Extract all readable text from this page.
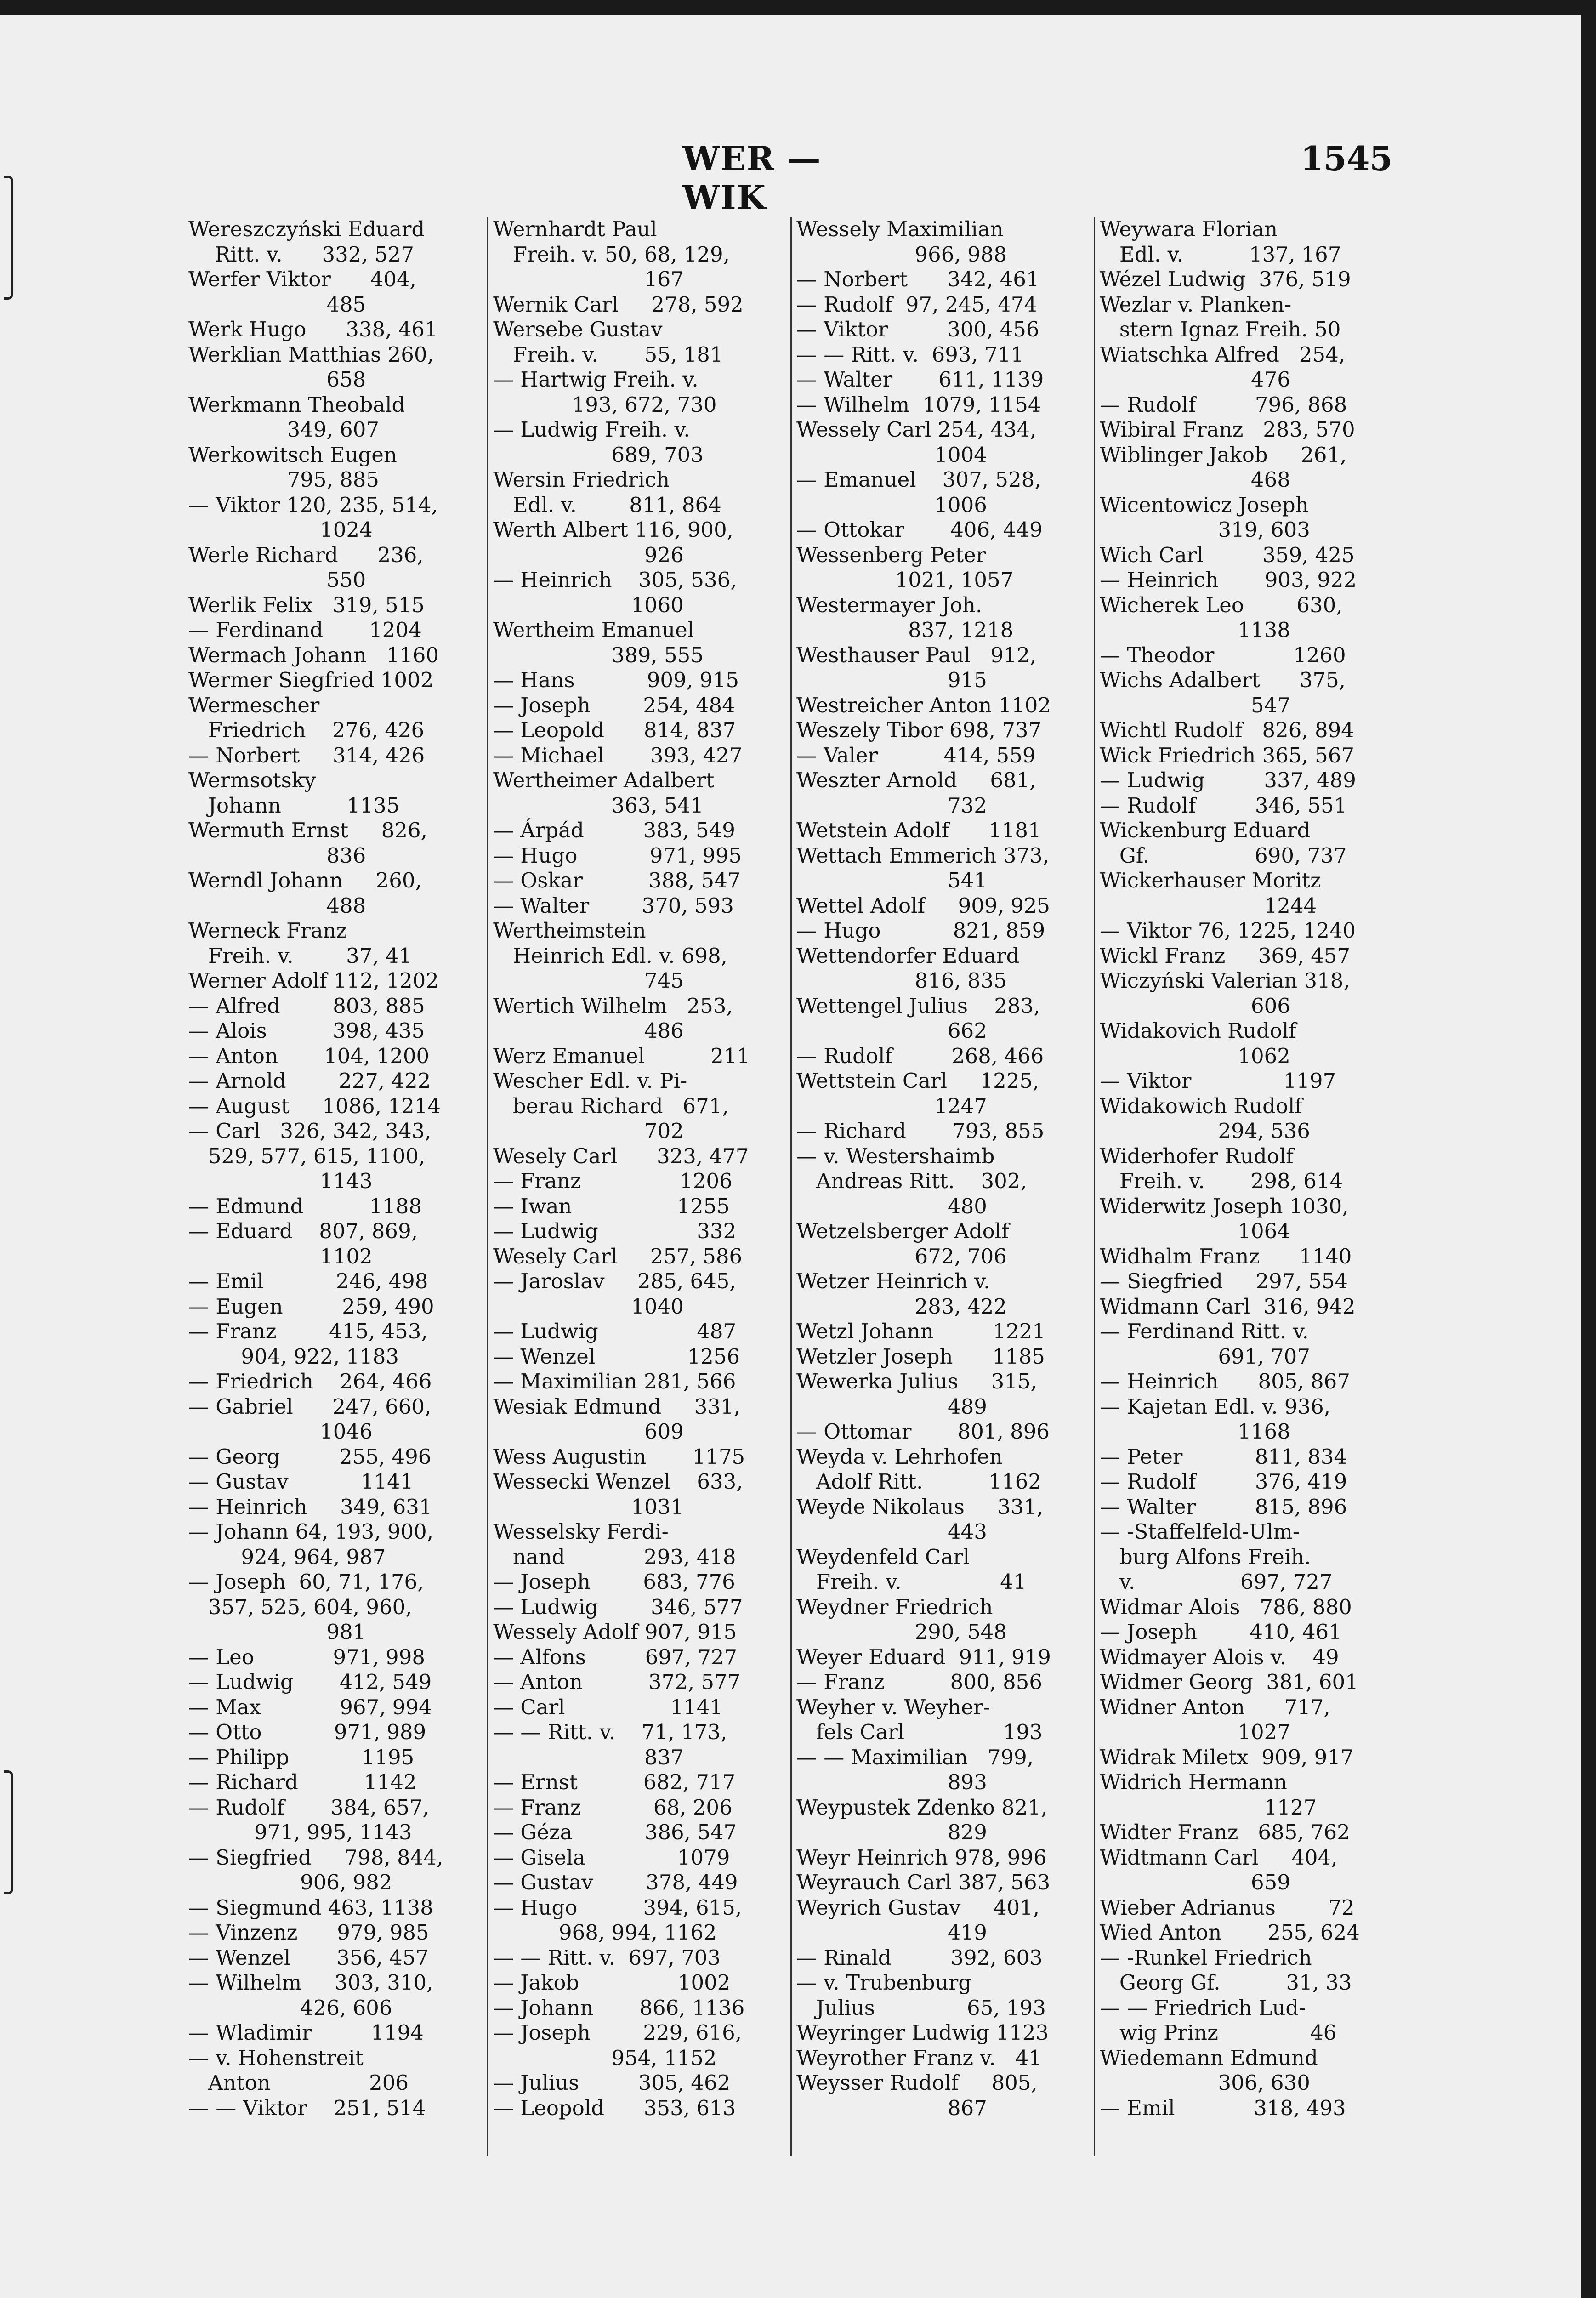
WER — WIK
1545
Wereszczyński Eduard
Ritt. v.      332, 527
Werfer Viktor      404,
485
Werk Hugo      338, 461
Werklian Matthias 260,
658
Werkmann Theobald
349, 607
Werkowitsch Eugen
795, 885
— Viktor 120, 235, 514,
1024
Werle Richard      236,
550
Werlik Felix   319, 515
— Ferdinand       1204
Wermach Johann   1160
Wermer Siegfried 1002
Wermescher
Friedrich    276, 426
— Norbert     314, 426
Wermsotsky
Johann          1135
Wermuth Ernst     826,
836
Werndl Johann     260,
488
Werneck Franz
Freih. v.        37, 41
Werner Adolf 112, 1202
— Alfred        803, 885
— Alois          398, 435
— Anton       104, 1200
— Arnold        227, 422
— August     1086, 1214
— Carl   326, 342, 343,
529, 577, 615, 1100,
1143
— Edmund          1188
— Eduard    807, 869,
1102
— Emil           246, 498
— Eugen         259, 490
— Franz        415, 453,
904, 922, 1183
— Friedrich    264, 466
— Gabriel      247, 660,
1046
— Georg         255, 496
— Gustav           1141
— Heinrich     349, 631
— Johann 64, 193, 900,
924, 964, 987
— Joseph  60, 71, 176,
357, 525, 604, 960,
981
— Leo            971, 998
— Ludwig       412, 549
— Max            967, 994
— Otto           971, 989
— Philipp           1195
— Richard          1142
— Rudolf       384, 657,
971, 995, 1143
— Siegfried     798, 844,
906, 982
— Siegmund 463, 1138
— Vinzenz      979, 985
— Wenzel       356, 457
— Wilhelm     303, 310,
426, 606
— Wladimir         1194
— v. Hohenstreit
Anton               206
— — Viktor    251, 514
Wernhardt Paul
Freih. v. 50, 68, 129,
167
Wernik Carl     278, 592
Wersebe Gustav
Freih. v.       55, 181
— Hartwig Freih. v.
193, 672, 730
— Ludwig Freih. v.
689, 703
Wersin Friedrich
Edl. v.        811, 864
Werth Albert 116, 900,
926
— Heinrich    305, 536,
1060
Wertheim Emanuel
389, 555
— Hans           909, 915
— Joseph        254, 484
— Leopold      814, 837
— Michael       393, 427
Wertheimer Adalbert
363, 541
— Árpád         383, 549
— Hugo           971, 995
— Oskar          388, 547
— Walter        370, 593
Wertheimstein
Heinrich Edl. v. 698,
745
Wertich Wilhelm   253,
486
Werz Emanuel          211
Wescher Edl. v. Pi-
berau Richard   671,
702
Wesely Carl      323, 477
— Franz               1206
— Iwan                1255
— Ludwig               332
Wesely Carl     257, 586
— Jaroslav     285, 645,
1040
— Ludwig               487
— Wenzel              1256
— Maximilian 281, 566
Wesiak Edmund     331,
609
Wess Augustin       1175
Wessecki Wenzel    633,
1031
Wesselsky Ferdi-
nand            293, 418
— Joseph        683, 776
— Ludwig        346, 577
Wessely Adolf 907, 915
— Alfons         697, 727
— Anton          372, 577
— Carl                1141
— — Ritt. v.    71, 173,
837
— Ernst          682, 717
— Franz           68, 206
— Géza           386, 547
— Gisela              1079
— Gustav        378, 449
— Hugo          394, 615,
968, 994, 1162
— — Ritt. v.  697, 703
— Jakob               1002
— Johann       866, 1136
— Joseph        229, 616,
954, 1152
— Julius         305, 462
— Leopold      353, 613
Wessely Maximilian
966, 988
— Norbert      342, 461
— Rudolf  97, 245, 474
— Viktor         300, 456
— — Ritt. v.  693, 711
— Walter       611, 1139
— Wilhelm  1079, 1154
Wessely Carl 254, 434,
1004
— Emanuel    307, 528,
1006
— Ottokar       406, 449
Wessenberg Peter
1021, 1057
Westermayer Joh.
837, 1218
Westhauser Paul   912,
915
Westreicher Anton 1102
Weszely Tibor 698, 737
— Valer          414, 559
Weszter Arnold     681,
732
Wetstein Adolf      1181
Wettach Emmerich 373,
541
Wettel Adolf     909, 925
— Hugo           821, 859
Wettendorfer Eduard
816, 835
Wettengel Julius    283,
662
— Rudolf         268, 466
Wettstein Carl     1225,
1247
— Richard       793, 855
— v. Westershaimb
Andreas Ritt.    302,
480
Wetzelsberger Adolf
672, 706
Wetzer Heinrich v.
283, 422
Wetzl Johann         1221
Wetzler Joseph      1185
Wewerka Julius     315,
489
— Ottomar       801, 896
Weyda v. Lehrhofen
Adolf Ritt.          1162
Weyde Nikolaus     331,
443
Weydenfeld Carl
Freih. v.               41
Weydner Friedrich
290, 548
Weyer Eduard  911, 919
— Franz          800, 856
Weyher v. Weyher-
fels Carl               193
— — Maximilian   799,
893
Weypustek Zdenko 821,
829
Weyr Heinrich 978, 996
Weyrauch Carl 387, 563
Weyrich Gustav     401,
419
— Rinald         392, 603
— v. Trubenburg
Julius              65, 193
Weyringer Ludwig 1123
Weyrother Franz v.   41
Weysser Rudolf     805,
867
Weywara Florian
Edl. v.          137, 167
Wézel Ludwig  376, 519
Wezlar v. Planken-
stern Ignaz Freih. 50
Wiatschka Alfred   254,
476
— Rudolf         796, 868
Wibiral Franz   283, 570
Wiblinger Jakob     261,
468
Wicentowicz Joseph
319, 603
Wich Carl         359, 425
— Heinrich       903, 922
Wicherek Leo        630,
1138
— Theodor            1260
Wichs Adalbert      375,
547
Wichtl Rudolf   826, 894
Wick Friedrich 365, 567
— Ludwig         337, 489
— Rudolf         346, 551
Wickenburg Eduard
Gf.                690, 737
Wickerhauser Moritz
1244
— Viktor 76, 1225, 1240
Wickl Franz     369, 457
Wiczyński Valerian 318,
606
Widakovich Rudolf
1062
— Viktor              1197
Widakowich Rudolf
294, 536
Widerhofer Rudolf
Freih. v.       298, 614
Widerwitz Joseph 1030,
1064
Widhalm Franz      1140
— Siegfried     297, 554
Widmann Carl  316, 942
— Ferdinand Ritt. v.
691, 707
— Heinrich      805, 867
— Kajetan Edl. v. 936,
1168
— Peter           811, 834
— Rudolf         376, 419
— Walter         815, 896
— -Staffelfeld-Ulm-
burg Alfons Freih.
v.                697, 727
Widmar Alois   786, 880
— Joseph        410, 461
Widmayer Alois v.    49
Widmer Georg  381, 601
Widner Anton      717,
1027
Widrak Miletx  909, 917
Widrich Hermann
1127
Widter Franz   685, 762
Widtmann Carl     404,
659
Wieber Adrianus        72
Wied Anton       255, 624
— -Runkel Friedrich
Georg Gf.          31, 33
— — Friedrich Lud-
wig Prinz              46
Wiedemann Edmund
306, 630
— Emil            318, 493
